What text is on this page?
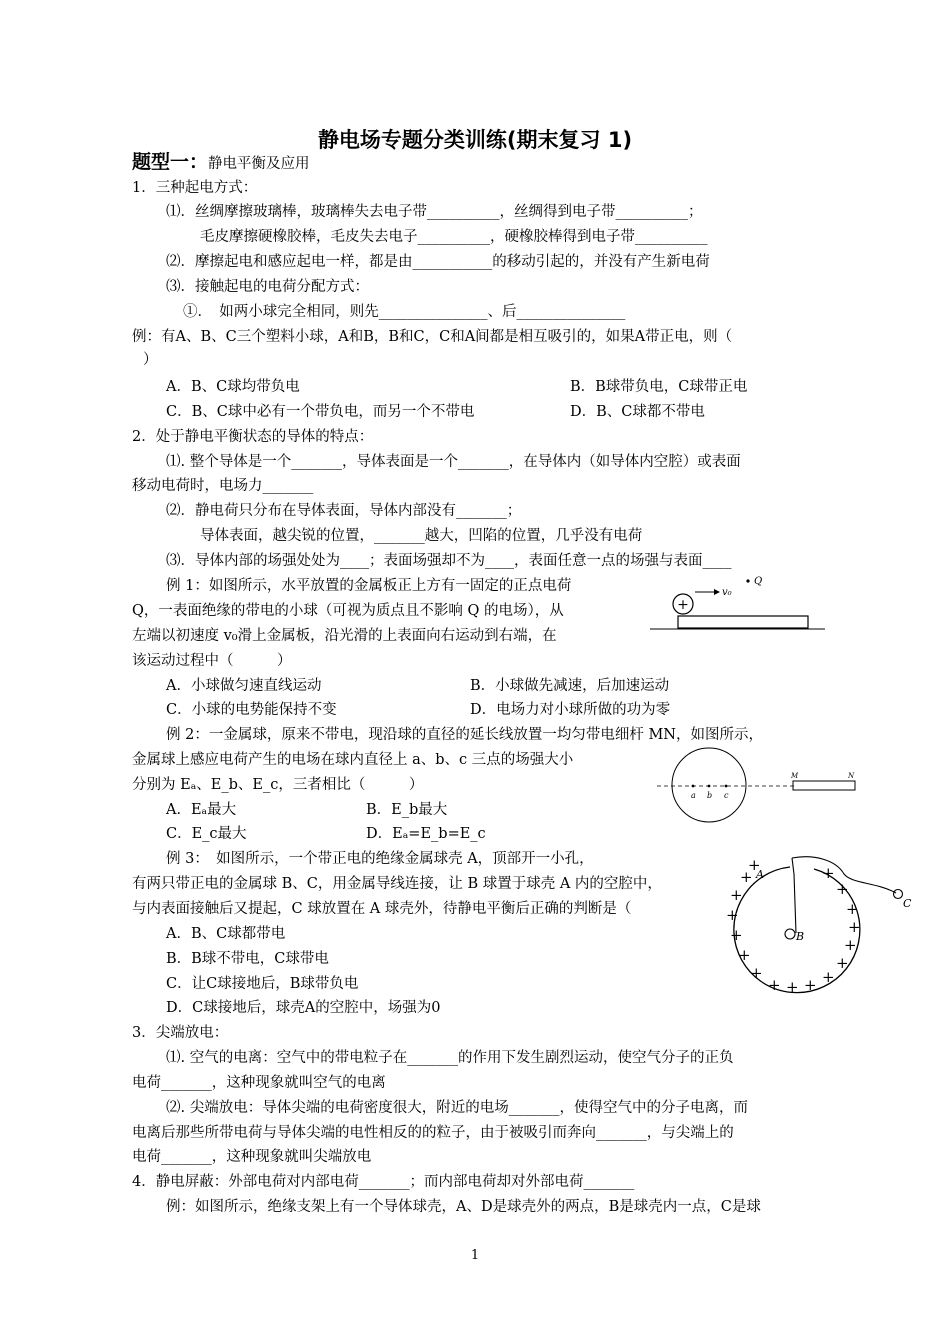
静电场专题分类训练(期末复习 1)
题型一：静电平衡及应用
1．三种起电方式：
⑴．丝绸摩擦玻璃棒，玻璃棒失去电子带__________，丝绸得到电子带__________；
毛皮摩擦硬橡胶棒，毛皮失去电子__________，硬橡胶棒得到电子带__________
⑵．摩擦起电和感应起电一样，都是由___________的移动引起的，并没有产生新电荷
⑶．接触起电的电荷分配方式：
①．　如两小球完全相同，则先_______________、后_______________
例：有A、B、C三个塑料小球，A和B，B和C，C和A间都是相互吸引的，如果A带正电，则（
）
A．B、C球均带负电	B．B球带负电，C球带正电
C．B、C球中必有一个带负电，而另一个不带电	D．B、C球都不带电
2．处于静电平衡状态的导体的特点：
⑴. 整个导体是一个_______，导体表面是一个_______，在导体内（如导体内空腔）或表面
移动电荷时，电场力_______
⑵．静电荷只分布在导体表面，导体内部没有_______；
导体表面，越尖锐的位置，_______越大，凹陷的位置，几乎没有电荷
⑶．导体内部的场强处处为____；表面场强却不为____，表面任意一点的场强与表面____
例 1：如图所示，水平放置的金属板正上方有一固定的正点电荷
Q，一表面绝缘的带电的小球（可视为质点且不影响 Q 的电场），从
左端以初速度 v₀滑上金属板，沿光滑的上表面向右运动到右端，在
该运动过程中（　　　）
A．小球做匀速直线运动	B．小球做先减速，后加速运动
C．小球的电势能保持不变	D．电场力对小球所做的功为零
例 2：一金属球，原来不带电，现沿球的直径的延长线放置一均匀带电细杆 MN，如图所示，
金属球上感应电荷产生的电场在球内直径上 a、b、c 三点的场强大小
分别为 Eₐ、E_b、E_c，三者相比（　　　）
A．Eₐ最大	B．E_b最大
C．E_c最大	D．Eₐ=E_b=E_c
例 3：　如图所示，一个带正电的绝缘金属球壳 A，顶部开一小孔，
有两只带正电的金属球 B、C，用金属导线连接，让 B 球置于球壳 A 内的空腔中，
与内表面接触后又提起，C 球放置在 A 球壳外，待静电平衡后正确的判断是（
A．B、C球都带电
B．B球不带电，C球带电
C．让C球接地后，B球带负电
D．C球接地后，球壳A的空腔中，场强为0
3．尖端放电：
⑴. 空气的电离：空气中的带电粒子在_______的作用下发生剧烈运动，使空气分子的正负
电荷_______，这种现象就叫空气的电离
⑵. 尖端放电：导体尖端的电荷密度很大，附近的电场_______，使得空气中的分子电离，而
电离后那些所带电荷与导体尖端的电性相反的的粒子，由于被吸引而奔向_______，与尖端上的
电荷_______，这种现象就叫尖端放电
4．静电屏蔽：外部电荷对内部电荷_______；而内部电荷却对外部电荷_______
例：如图所示，绝缘支架上有一个导体球壳，A、D是球壳外的两点，B是球壳内一点，C是球
+
v₀
Q
a b c
M	N
B
C
A
+
+
+
+
+
+
+ + + +
+
+
+
+
+
+
+
1
